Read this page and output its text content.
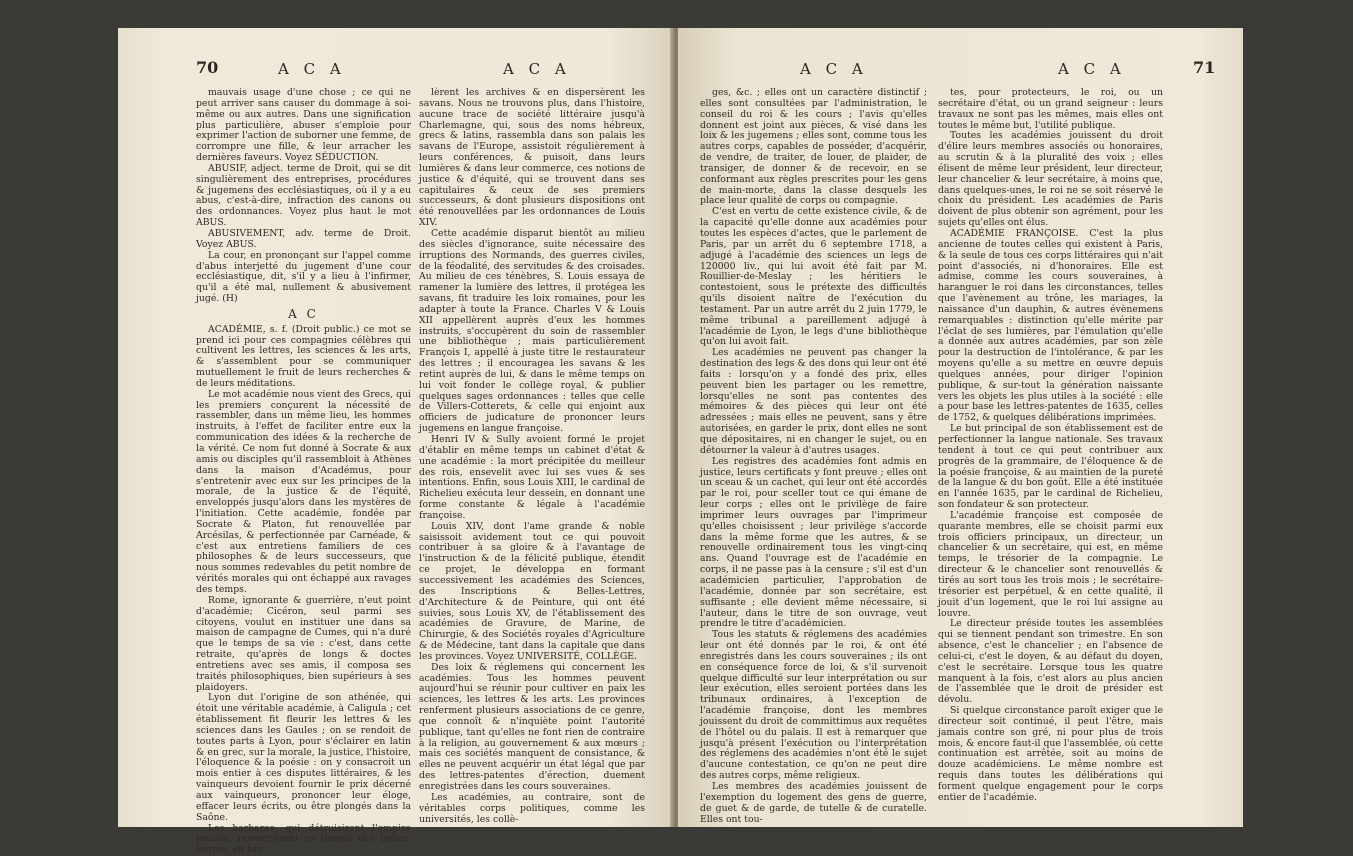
70	A C A	A C A

mauvais usage d'une chose ; ce qui ne peut arriver sans causer du dommage à soi-même ou aux autres. Dans une signification plus particulière, abuser s'emploie pour exprimer l'action de suborner une femme, de corrompre une fille, & leur arracher les dernières faveurs. Voyez SÉDUCTION.

ABUSIF, adject. terme de Droit, qui se dit singulièrement des entreprises, procédures & jugemens des ecclésiastiques, où il y a eu abus, c'est-à-dire, infraction des canons ou des ordonnances. Voyez plus haut le mot ABUS.

ABUSIVEMENT, adv. terme de Droit. Voyez ABUS.

La cour, en prononçant sur l'appel comme d'abus interjetté du jugement d'une cour ecclésiastique, dit, s'il y a lieu à l'infirmer, qu'il a été mal, nullement & abusivement jugé. (H)

A C

ACADÉMIE, s. f. (Droit public.) ce mot se prend ici pour ces compagnies célèbres qui cultivent les lettres, les sciences & les arts, & s'assemblent pour se communiquer mutuellement le fruit de leurs recherches & de leurs méditations.

Le mot académie nous vient des Grecs, qui les premiers conçurent la nécessité de rassembler, dans un même lieu, les hommes instruits, à l'effet de faciliter entre eux la communication des idées & la recherche de la vérité. Ce nom fut donné à Socrate & aux amis ou disciples qu'il rassembloit à Athènes dans la maison d'Académus, pour s'entretenir avec eux sur les principes de la morale, de la justice & de l'équité, enveloppés jusqu'alors dans les mystères de l'initiation. Cette académie, fondée par Socrate & Platon, fut renouvellée par Arcésilas, & perfectionnée par Carnéade, & c'est aux entretiens familiers de ces philosophes & de leurs successeurs, que nous sommes redevables du petit nombre de vérités morales qui ont échappé aux ravages des temps.

Rome, ignorante & guerrière, n'eut point d'académie; Cicéron, seul parmi ses citoyens, voulut en instituer une dans sa maison de campagne de Cumes, qui n'a duré que le temps de sa vie : c'est, dans cette retraite, qu'après de longs & doctes entretiens avec ses amis, il composa ses traités philosophiques, bien supérieurs à ses plaidoyers.

Lyon dut l'origine de son athénée, qui étoit une véritable académie, à Caligula ; cet établissement fit fleurir les lettres & les sciences dans les Gaules ; on se rendoit de toutes parts à Lyon, pour s'éclairer en latin & en grec, sur la morale, la justice, l'histoire, l'éloquence & la poésie : on y consacroit un mois entier à ces disputes littéraires, & les vainqueurs devoient fournir le prix décerné aux vainqueurs, prononcer leur éloge, effacer leurs écrits, ou être plongés dans la Saône.

Les barbares, qui détruisirent l'empire romain, renversèrent ce temple des belles-lettres, en brû-

lèrent les archives & en dispersèrent les savans. Nous ne trouvons plus, dans l'histoire, aucune trace de société littéraire jusqu'à Charlemagne, qui, sous des noms hébreux, grecs & latins, rassembla dans son palais les savans de l'Europe, assistoit régulièrement à leurs conférences, & puisoit, dans leurs lumières & dans leur commerce, ces notions de justice & d'équité, qui se trouvent dans ses capitulaires & ceux de ses premiers successeurs, & dont plusieurs dispositions ont été renouvellées par les ordonnances de Louis XIV.

Cette académie disparut bientôt au milieu des siècles d'ignorance, suite nécessaire des irruptions des Normands, des guerres civiles, de la féodalité, des servitudes & des croisades. Au milieu de ces ténèbres, S. Louis essaya de ramener la lumière des lettres, il protégea les savans, fit traduire les loix romaines, pour les adapter à toute la France. Charles V & Louis XII appellèrent auprès d'eux les hommes instruits, s'occupèrent du soin de rassembler une bibliothèque ; mais particulièrement François I, appellé à juste titre le restaurateur des lettres ; il encouragea les savans & les retint auprès de lui, & dans le même temps on lui voit fonder le collège royal, & publier quelques sages ordonnances : telles que celle de Villers-Cotterets, & celle qui enjoint aux officiers de judicature de prononcer leurs jugemens en langue françoise.

Henri IV & Sully avoient formé le projet d'établir en même temps un cabinet d'état & une académie : la mort précipitée du meilleur des rois, ensevelit avec lui ses vues & ses intentions. Enfin, sous Louis XIII, le cardinal de Richelieu exécuta leur dessein, en donnant une forme constante & légale à l'académie françoise.

Louis XIV, dont l'ame grande & noble saisissoit avidement tout ce qui pouvoit contribuer à sa gloire & à l'avantage de l'instruction & de la félicité publique, étendit ce projet, le développa en formant successivement les académies des Sciences, des Inscriptions & Belles-Lettres, d'Architecture & de Peinture, qui ont été suivies, sous Louis XV, de l'établissement des académies de Gravure, de Marine, de Chirurgie, & des Sociétés royales d'Agriculture & de Médecine, tant dans la capitale que dans les provinces. Voyez UNIVERSITÉ, COLLÈGE.

Des loix & réglemens qui concernent les académies. Tous les hommes peuvent aujourd'hui se réunir pour cultiver en paix les sciences, les lettres & les arts. Les provinces renferment plusieurs associations de ce genre, que connoît & n'inquiète point l'autorité publique, tant qu'elles ne font rien de contraire à la religion, au gouvernement & aux mœurs ; mais ces sociétés manquent de consistance, & elles ne peuvent acquérir un état légal que par des lettres-patentes d'érection, duement enregistrées dans les cours souveraines.

Les académies, au contraire, sont de véritables corps politiques, comme les universités, les collè-

A C A	A C A	71

ges, &c. ; elles ont un caractère distinctif ; elles sont consultées par l'administration, le conseil du roi & les cours ; l'avis qu'elles donnent est joint aux pièces, & visé dans les loix & les jugemens ; elles sont, comme tous les autres corps, capables de posséder, d'acquérir, de vendre, de traiter, de louer, de plaider, de transiger, de donner & de recevoir, en se conformant aux règles prescrites pour les gens de main-morte, dans la classe desquels les place leur qualité de corps ou compagnie.

C'est en vertu de cette existence civile, & de la capacité qu'elle donne aux académies pour toutes les espèces d'actes, que le parlement de Paris, par un arrêt du 6 septembre 1718, a adjugé à l'académie des sciences un legs de 120000 liv., qui lui avoit été fait par M. Rouillier-de-Meslay ; les héritiers le contestoient, sous le prétexte des difficultés qu'ils disoient naître de l'exécution du testament. Par un autre arrêt du 2 juin 1779, le même tribunal a pareillement adjugé à l'académie de Lyon, le legs d'une bibliothèque qu'on lui avoit fait.

Les académies ne peuvent pas changer la destination des legs & des dons qui leur ont été faits : lorsqu'on y a fondé des prix, elles peuvent bien les partager ou les remettre, lorsqu'elles ne sont pas contentes des mémoires & des pièces qui leur ont été adressées ; mais elles ne peuvent, sans y être autorisées, en garder le prix, dont elles ne sont que dépositaires, ni en changer le sujet, ou en détourner la valeur à d'autres usages.

Les registres des académies font admis en justice, leurs certificats y font preuve ; elles ont un sceau & un cachet, qui leur ont été accordés par le roi, pour sceller tout ce qui émane de leur corps ; elles ont le privilège de faire imprimer leurs ouvrages par l'imprimeur qu'elles choisissent ; leur privilège s'accorde dans la même forme que les autres, & se renouvelle ordinairement tous les vingt-cinq ans. Quand l'ouvrage est de l'académie en corps, il ne passe pas à la censure ; s'il est d'un académicien particulier, l'approbation de l'académie, donnée par son secrétaire, est suffisante ; elle devient même nécessaire, si l'auteur, dans le titre de son ouvrage, veut prendre le titre d'académicien.

Tous les statuts & réglemens des académies leur ont été donnés par le roi, & ont été enregistrés dans les cours souveraines ; ils ont en conséquence force de loi, & s'il survenoit quelque difficulté sur leur interprétation ou sur leur exécution, elles seroient portées dans les tribunaux ordinaires, à l'exception de l'académie françoise, dont les membres jouissent du droit de committimus aux requêtes de l'hôtel ou du palais. Il est à remarquer que jusqu'à présent l'exécution ou l'interprétation des réglemens des académies n'ont été le sujet d'aucune contestation, ce qu'on ne peut dire des autres corps, même religieux.

Les membres des académies jouissent de l'exemption du logement des gens de guerre, de guet & de garde, de tutelle & de curatelle. Elles ont tou-

tes, pour protecteurs, le roi, ou un secrétaire d'état, ou un grand seigneur : leurs travaux ne sont pas les mêmes, mais elles ont toutes le même but, l'utilité publique.

Toutes les académies jouissent du droit d'élire leurs membres associés ou honoraires, au scrutin & à la pluralité des voix ; elles élisent de même leur président, leur directeur, leur chancelier & leur secrétaire, à moins que, dans quelques-unes, le roi ne se soit réservé le choix du président. Les académies de Paris doivent de plus obtenir son agrément, pour les sujets qu'elles ont élus.

ACADÉMIE FRANÇOISE. C'est la plus ancienne de toutes celles qui existent à Paris, & la seule de tous ces corps littéraires qui n'ait point d'associés, ni d'honoraires. Elle est admise, comme les cours souveraines, à haranguer le roi dans les circonstances, telles que l'avènement au trône, les mariages, la naissance d'un dauphin, & autres évènemens remarquables : distinction qu'elle mérite par l'éclat de ses lumières, par l'émulation qu'elle a donnée aux autres académies, par son zèle pour la destruction de l'intolérance, & par les moyens qu'elle a su mettre en œuvre depuis quelques années, pour diriger l'opinion publique, & sur-tout la génération naissante vers les objets les plus utiles à la société : elle a pour base les lettres-patentes de 1635, celles de 1752, & quelques délibérations imprimées.

Le but principal de son établissement est de perfectionner la langue nationale. Ses travaux tendent à tout ce qui peut contribuer aux progrès de la grammaire, de l'éloquence & de la poésie françoise, & au maintien de la pureté de la langue & du bon goût. Elle a été instituée en l'année 1635, par le cardinal de Richelieu, son fondateur & son protecteur.

L'académie françoise est composée de quarante membres, elle se choisit parmi eux trois officiers principaux, un directeur, un chancelier & un secrétaire, qui est, en même temps, le trésorier de la compagnie. Le directeur & le chancelier sont renouvellés & tirés au sort tous les trois mois ; le secrétaire-trésorier est perpétuel, & en cette qualité, il jouit d'un logement, que le roi lui assigne au louvre.

Le directeur préside toutes les assemblées qui se tiennent pendant son trimestre. En son absence, c'est le chancelier ; en l'absence de celui-ci, c'est le doyen, & au défaut du doyen, c'est le secrétaire. Lorsque tous les quatre manquent à la fois, c'est alors au plus ancien de l'assemblée que le droit de présider est dévolu.

Si quelque circonstance paroît exiger que le directeur soit continué, il peut l'être, mais jamais contre son gré, ni pour plus de trois mois, & encore faut-il que l'assemblée, où cette continuation est arrêtée, soit au moins de douze académiciens. Le même nombre est requis dans toutes les délibérations qui forment quelque engagement pour le corps entier de l'académie.
